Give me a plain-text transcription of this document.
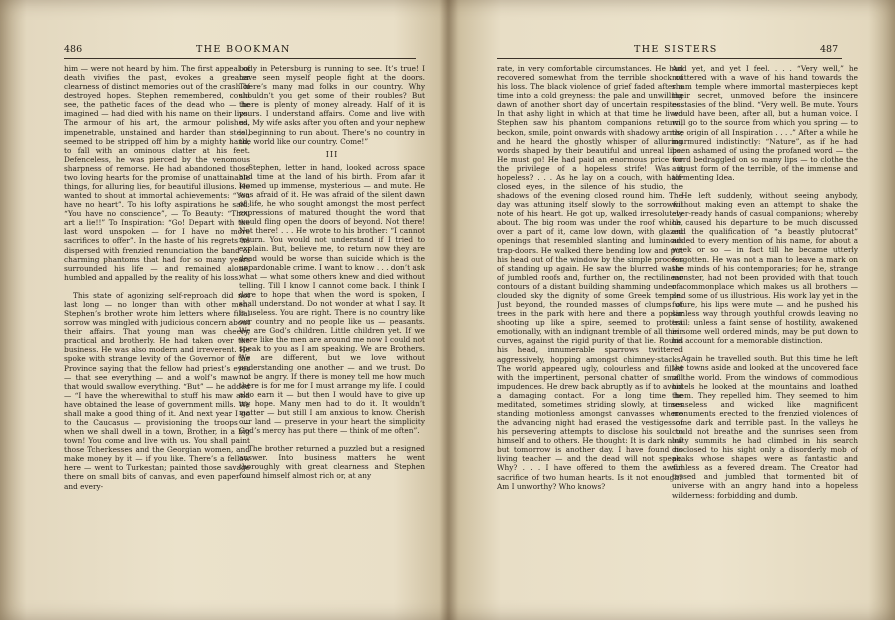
486	THE BOOKMAN

him — were not heard by him. The first appeal of death vivifies the past, evokes a greater clearness of distinct memories out of the crash of destroyed hopes. Stephen remembered, could see, the pathetic faces of the dead who — he imagined — had died with his name on their lips. The armour of his art, the armour polished, impenetrable, unstained and harder than steel, seemed to be stripped off him by a mighty hand, to fall with an ominous clatter at his feet. Defenceless, he was pierced by the venomous sharpness of remorse. He had abandoned those two loving hearts for the promise of unattainable things, for alluring lies, for beautiful illusions. He wanted to shout at immortal achievements: “You have no heart”. To his lofty aspirations he said: “You have no conscience”, — To Beauty: “Thou art a lie!!” To Inspiration: “Go! Depart with the last word unspoken — for I have no more sacrifices to offer”. In the haste of his regrets he dispersed with frenzied renunciation the band of charming phantoms that had for so many years surrounded his life — and remained alone, humbled and appalled by the reality of his loss.

This state of agonizing self-reproach did not last long — no longer than with other men. Stephen’s brother wrote him letters where filial sorrow was mingled with judicious concern about their affairs. That young man was cheery, practical and brotherly. He had taken over the business. He was also modern and irreverent. He spoke with strange levity of the Governor of the Province saying that the fellow had priest’s eyes — that see everything — and a wolf’s maw — that would swallow everything. “But” — he added — “I have the wherewithal to stuff his maw and have obtained the lease of government mills. We shall make a good thing of it. And next year I go to the Caucasus — provisioning the troops — when we shall dwell in a town, Brother, in a big town! You come and live with us. You shall paint those Tcherkesses and the Georgian women, and make money by it — if you like. There’s a fellow here — went to Turkestan; painted those savage there on small bits of canvas, and even paper — and every-

body in Petersburg is running to see. It’s true! I have seen myself people fight at the doors. There’s many mad folks in our country. Why shouldn’t you get some of their roubles? But there is plenty of money already. Half of it is yours. I understand affairs. Come and live with us. My wife asks after you often and your nephew is beginning to run about. There’s no country in the world like our country. Come!”

III

Stephen, letter in hand, looked across space and time at the land of his birth. From afar it loomed up immense, mysterious — and mute. He was afraid of it. He was afraid of the silent dawn of life, he who sought amongst the most perfect expressions of matured thought the word that would fling open the doors of beyond. Not there! Not there! . . . He wrote to his brother: “I cannot return. You would not understand if I tried to explain. But, believe me, to return now they are dead would be worse than suicide which is the unpardonable crime. I want to know . . . don’t ask what — what some others knew and died without telling. Till I know I cannot come back. I think I dare to hope that when the word is spoken, I shall understand. Do not wonder at what I say. It is useless. You are right. There is no country like our country and no people like us — peasants. We are God’s children. Little children yet. If we were like the men are around me now I could not speak to you as I am speaking. We are Brothers. We are different, but we love without understanding one another — and we trust. Do not be angry. If there is money tell me how much there is for me for I must arrange my life. I could also earn it — but then I would have to give up my hope. Many men had to do it. It wouldn’t matter — but still I am anxious to know. Cherish our land — preserve in your heart the simplicity God’s mercy has put there — think of me often”.

The brother returned a puzzled but a resigned answer. Into business matters he went thoroughly with great clearness and Stephen found himself almost rich or, at any

THE SISTERS	487

rate, in very comfortable circumstances. He had recovered somewhat from the terrible shock of his loss. The black violence of grief faded after a time into a cold greyness: the pale and unwilling dawn of another short day of uncertain respites. In that ashy light in which at that time he lived Stephen saw his phantom companions return, beckon, smile, point onwards with shadowy arms; and he heard the ghostly whisper of alluring words shaped by their beautiful and unreal lips. He must go! He had paid an enormous price for the privilege of a hopeless strife! Was it hopeless? . . . As he lay on a couch, with half-closed eyes, in the silence of his studio, the shadows of the evening closed round him. The day was attuning itself slowly to the sorrowful note of his heart. He got up, walked irresolutely about. The big room was under the roof which, over a part of it, came low down, with glazed openings that resembled slanting and luminous trap-doors. He walked there bending low and put his head out of the window by the simple process of standing up again. He saw the blurred waste of jumbled roofs and, further on, the rectilinear contours of a distant building shamming under a clouded sky the dignity of some Greek temple. Just beyond, the rounded masses of clumps of trees in the park with here and there a poplar shooting up like a spire, seemed to protest emotionally, with an indignant tremble of all their curves, against the rigid purity of that lie. Round his head, innumerable sparrows twittered aggressively, hopping amongst chimney-stacks. The world appeared ugly, colourless and filled with the impertinent, personal chatter of small impudences. He drew back abruptly as if to avoid a damaging contact. For a long time he meditated, sometimes striding slowly, at times standing motionless amongst canvasses where the advancing night had erased the vestiges of his persevering attempts to disclose his soul to himself and to others. He thought: It is dark now but tomorrow is another day. I have found no living teacher — and the dead will not speak. Why? . . . I have offered to them the awful sacrifice of two human hearts. Is it not enough? Am I unworthy? Who knows?

And yet, and yet I feel. . . . “Very well,” he muttered with a wave of his hand towards the sham temple where immortal masterpieces kept their secret, unmoved before the insincere ecstasies of the blind. “Very well. Be mute. Yours would have been, after all, but a human voice. I will go to the source from which you spring — to the origin of all Inspiration . . . .” After a while he murmured indistinctly: “Nature”, as if he had been ashamed of using the profaned word — the word bedraggled on so many lips — to clothe the august form of the terrible, of the immense and tormenting Idea.

He left suddenly, without seeing anybody, without making even an attempt to shake the ever-ready hands of casual companions; whereby he caused his departure to be much discussed and the qualification of “a beastly plutocrat” added to every mention of his name, for about a week or so — in fact till he became utterly forgotten. He was not a man to leave a mark on the minds of his contemporaries; for he, strange monster, had not been provided with that touch of commonplace which makes us all brothers — and some of us illustrious. His work lay yet in the future, his lips were mute — and he pushed his simless way through youthful crowds leaving no trail: unless a faint sense of hostility, awakened in some well ordered minds, may be put down to his account for a memorable distinction.

Again he travelled south. But this time he left the towns aside and looked at the uncovered face of the world. From the windows of commodious hotels he looked at the mountains and loathed them. They repelled him. They seemed to him senseless and wicked like magnificent monuments erected to the frenzied violences of some dark and terrible past. In the valleys he could not breathe and the sunrises seen from lofty summits he had climbed in his search disclosed to his sight only a disorderly mob of peaks whose shapes were as fantastic and simless as a fevered dream. The Creator had tossed and jumbled that tormented bit of universe with an angry hand into a hopeless wilderness: forbidding and dumb.
